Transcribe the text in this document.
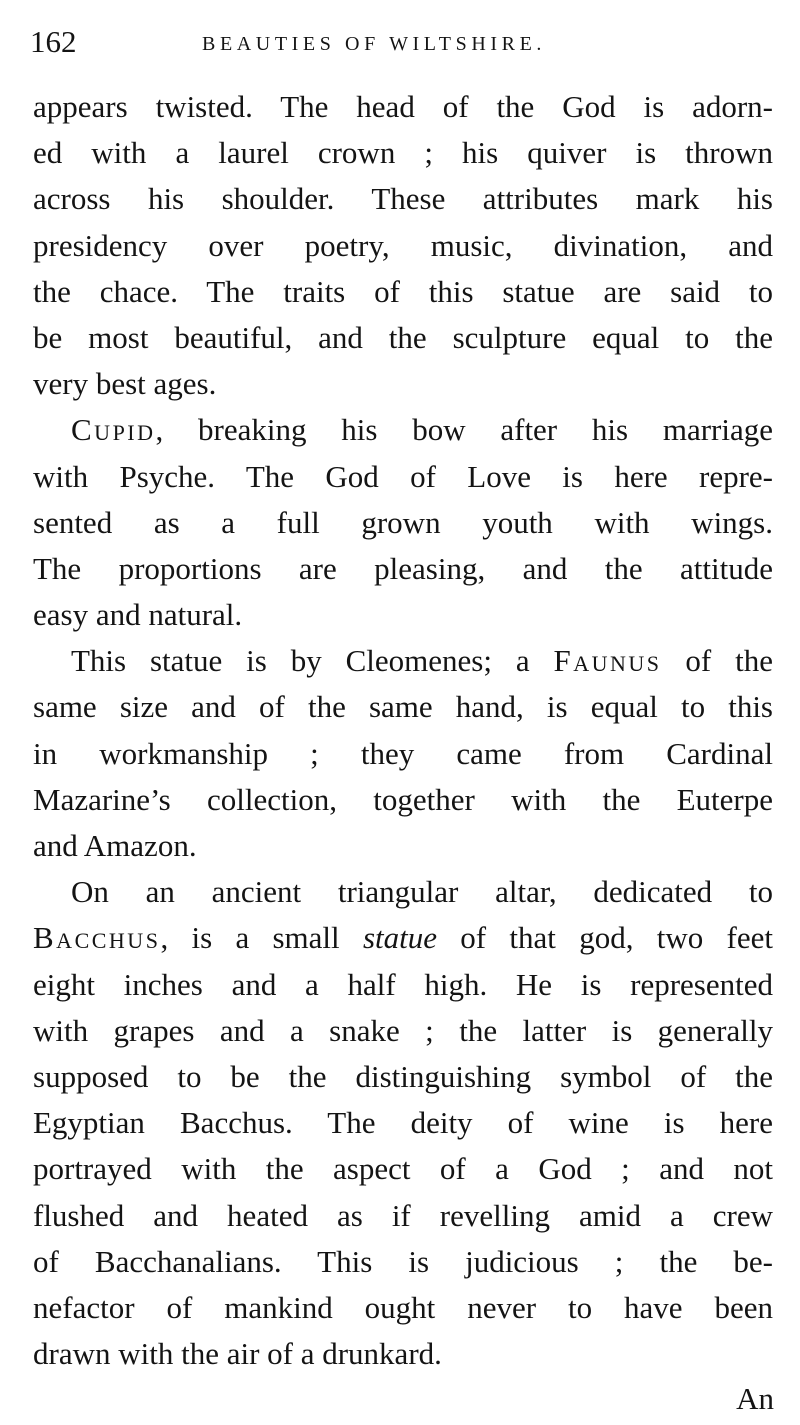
162	BEAUTIES OF WILTSHIRE.
appears twisted. The head of the God is adorn-
ed with a laurel crown ; his quiver is thrown
across his shoulder. These attributes mark his
presidency over poetry, music, divination, and
the chace. The traits of this statue are said to
be most beautiful, and the sculpture equal to the
very best ages.
Cupid, breaking his bow after his marriage
with Psyche. The God of Love is here repre-
sented as a full grown youth with wings.
The proportions are pleasing, and the attitude
easy and natural.
This statue is by Cleomenes; a Faunus of the
same size and of the same hand, is equal to this
in workmanship ; they came from Cardinal
Mazarine’s collection, together with the Euterpe
and Amazon.
On an ancient triangular altar, dedicated to
Bacchus, is a small statue of that god, two feet
eight inches and a half high. He is represented
with grapes and a snake ; the latter is generally
supposed to be the distinguishing symbol of the
Egyptian Bacchus. The deity of wine is here
portrayed with the aspect of a God ; and not
flushed and heated as if revelling amid a crew
of Bacchanalians. This is judicious ; the be-
nefactor of mankind ought never to have been
drawn with the air of a drunkard.
An
